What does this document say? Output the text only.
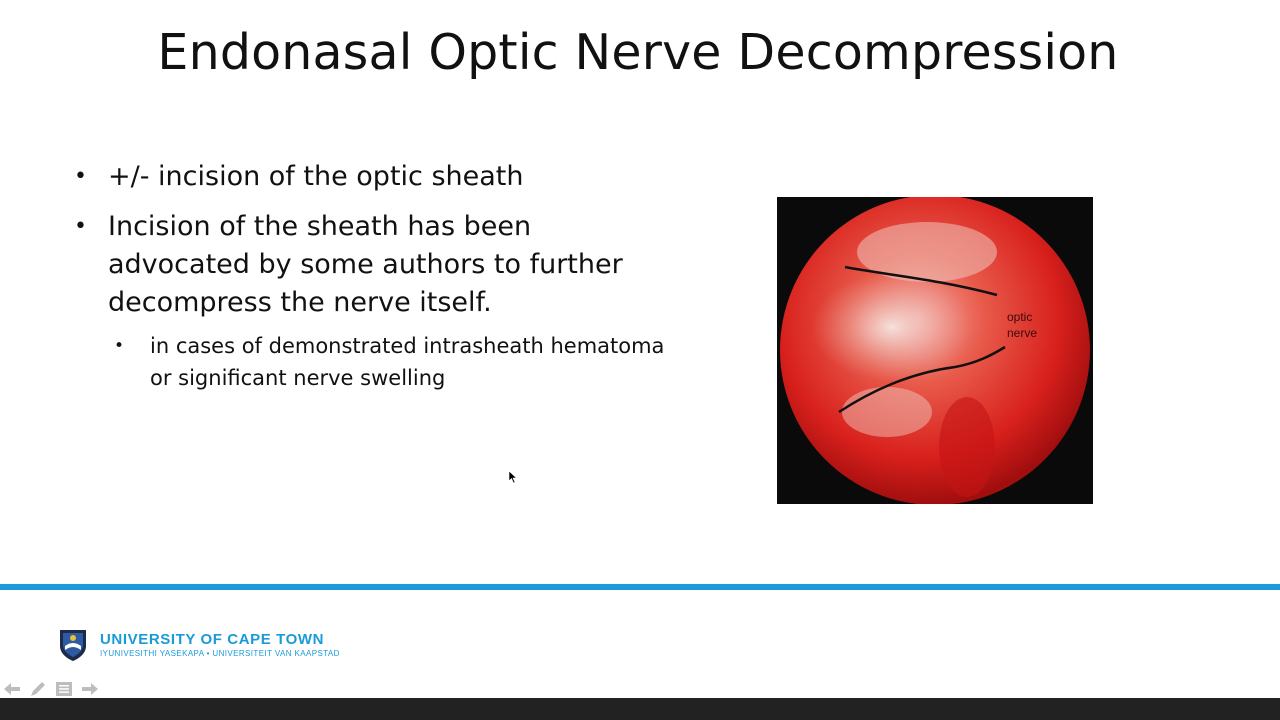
Endonasal Optic Nerve Decompression
• +/- incision of the optic sheath
• Incision of the sheath has been advocated by some authors to further decompress the nerve itself.
• in cases of demonstrated intrasheath hematoma or significant nerve swelling
optic
nerve
UNIVERSITY OF CAPE TOWN
IYUNIVESITHI YASEKAPA • UNIVERSITEIT VAN KAAPSTAD
